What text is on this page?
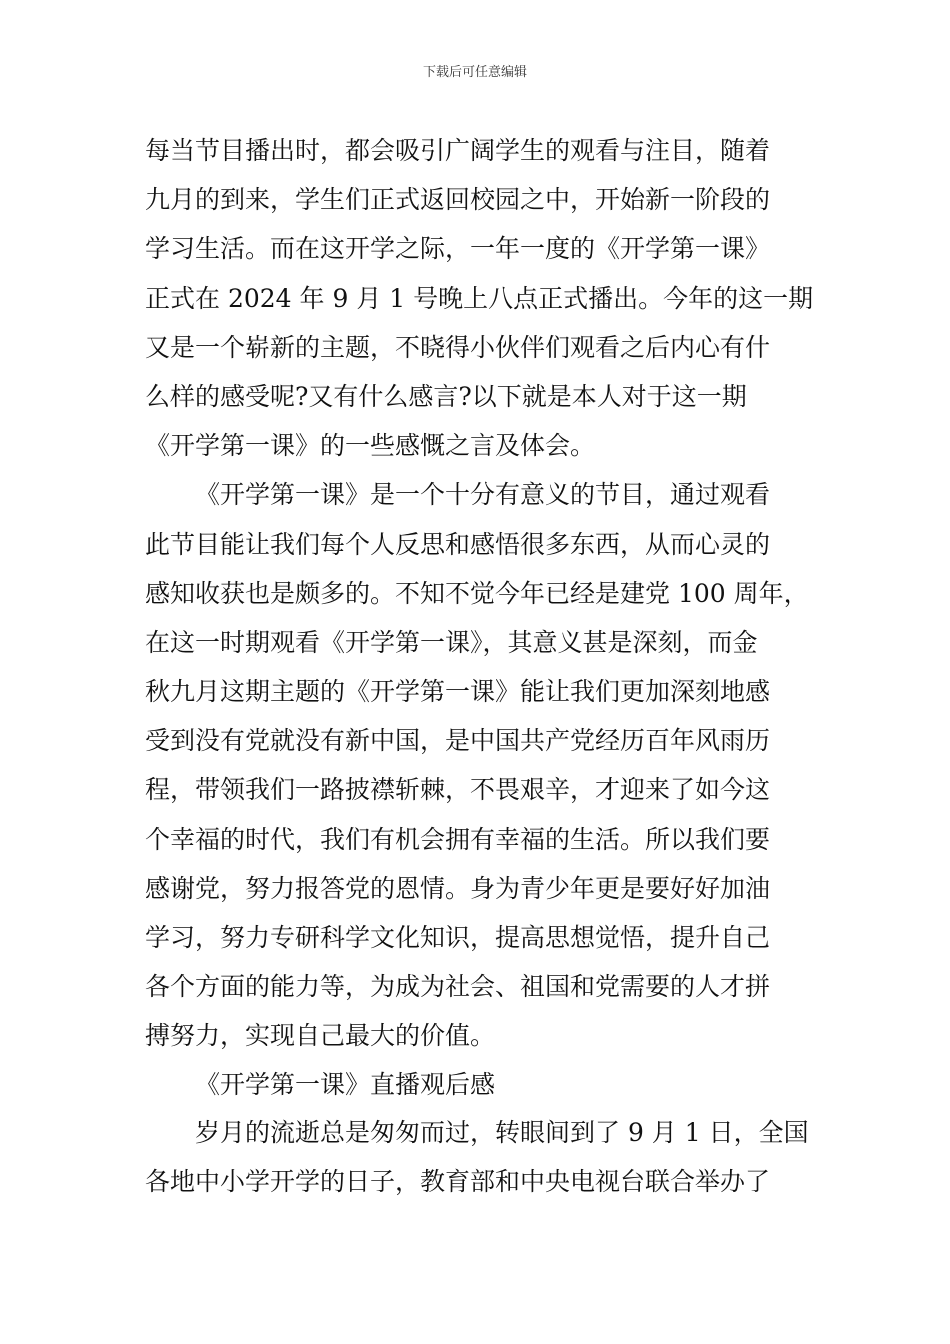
下载后可任意编辑
每当节目播出时，都会吸引广阔学生的观看与注目，随着
九月的到来，学生们正式返回校园之中，开始新一阶段的
学习生活。而在这开学之际，一年一度的《开学第一课》
正式在 2024 年 9 月 1 号晚上八点正式播出。今年的这一期
又是一个崭新的主题，不晓得小伙伴们观看之后内心有什
么样的感受呢?又有什么感言?以下就是本人对于这一期
《开学第一课》的一些感慨之言及体会。
《开学第一课》是一个十分有意义的节目，通过观看
此节目能让我们每个人反思和感悟很多东西，从而心灵的
感知收获也是颇多的。不知不觉今年已经是建党 100 周年，
在这一时期观看《开学第一课》，其意义甚是深刻，而金
秋九月这期主题的《开学第一课》能让我们更加深刻地感
受到没有党就没有新中国，是中国共产党经历百年风雨历
程，带领我们一路披襟斩棘，不畏艰辛，才迎来了如今这
个幸福的时代，我们有机会拥有幸福的生活。所以我们要
感谢党，努力报答党的恩情。身为青少年更是要好好加油
学习，努力专研科学文化知识，提高思想觉悟，提升自己
各个方面的能力等，为成为社会、祖国和党需要的人才拼
搏努力，实现自己最大的价值。
《开学第一课》直播观后感
岁月的流逝总是匆匆而过，转眼间到了 9 月 1 日，全国
各地中小学开学的日子，教育部和中央电视台联合举办了
